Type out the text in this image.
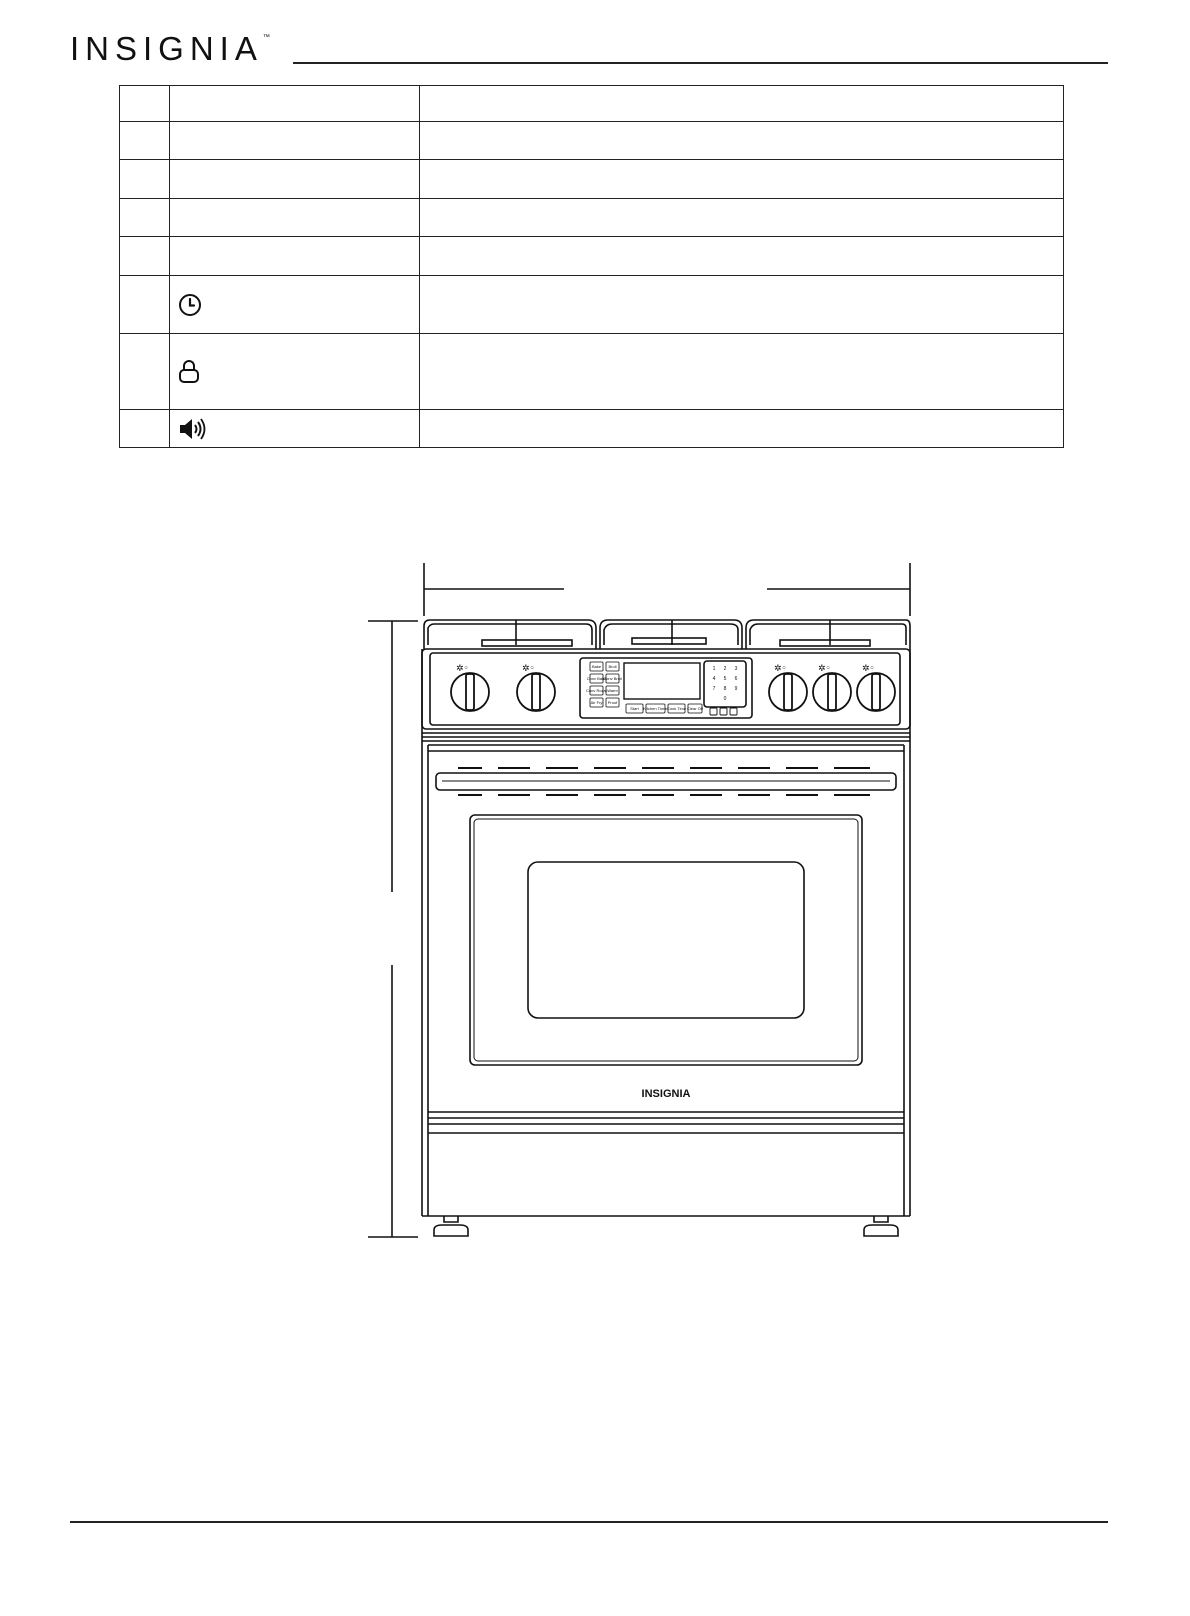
INSIGNIA™

✲◦	✲◦	✲◦	✲◦	✲◦
Bake Broil
Conv Bake
Conv Broil
Conv Roast Warm
Air Fry Proof
Start Kitchen Timer Cook Time Clear Off
1 2 3
4 5 6
7 8 9
0
INSIGNIA
